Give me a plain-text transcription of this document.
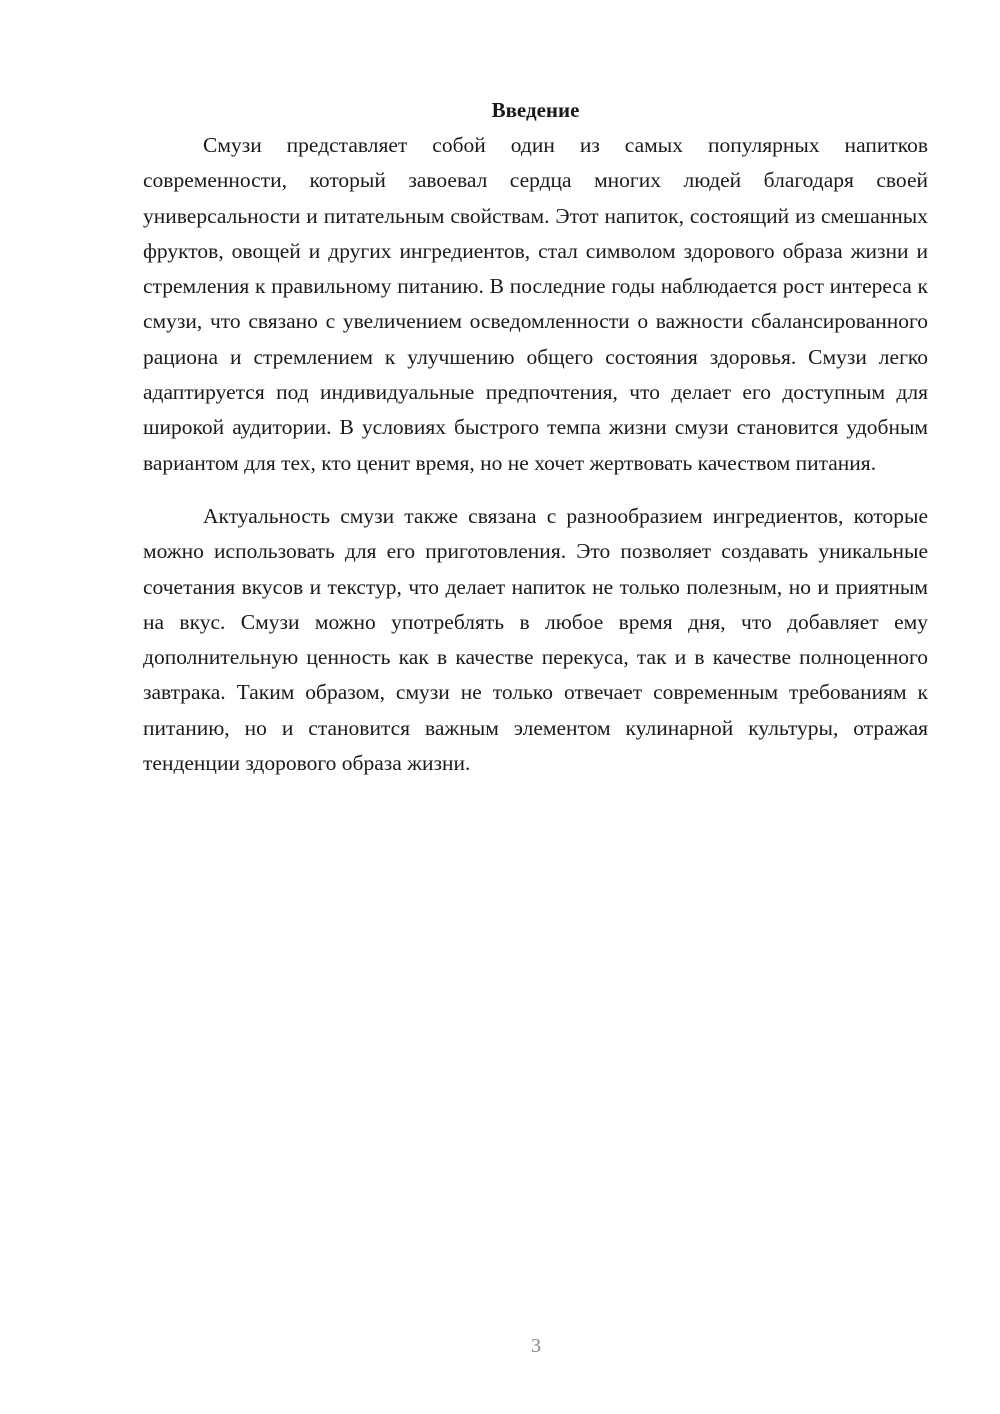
Введение

Смузи представляет собой один из самых популярных напитков современности, который завоевал сердца многих людей благодаря своей универсальности и питательным свойствам. Этот напиток, состоящий из смешанных фруктов, овощей и других ингредиентов, стал символом здорового образа жизни и стремления к правильному питанию. В последние годы наблюдается рост интереса к смузи, что связано с увеличением осведомленности о важности сбалансированного рациона и стремлением к улучшению общего состояния здоровья. Смузи легко адаптируется под индивидуальные предпочтения, что делает его доступным для широкой аудитории. В условиях быстрого темпа жизни смузи становится удобным вариантом для тех, кто ценит время, но не хочет жертвовать качеством питания.

Актуальность смузи также связана с разнообразием ингредиентов, которые можно использовать для его приготовления. Это позволяет создавать уникальные сочетания вкусов и текстур, что делает напиток не только полезным, но и приятным на вкус. Смузи можно употреблять в любое время дня, что добавляет ему дополнительную ценность как в качестве перекуса, так и в качестве полноценного завтрака. Таким образом, смузи не только отвечает современным требованиям к питанию, но и становится важным элементом кулинарной культуры, отражая тенденции здорового образа жизни.

3
